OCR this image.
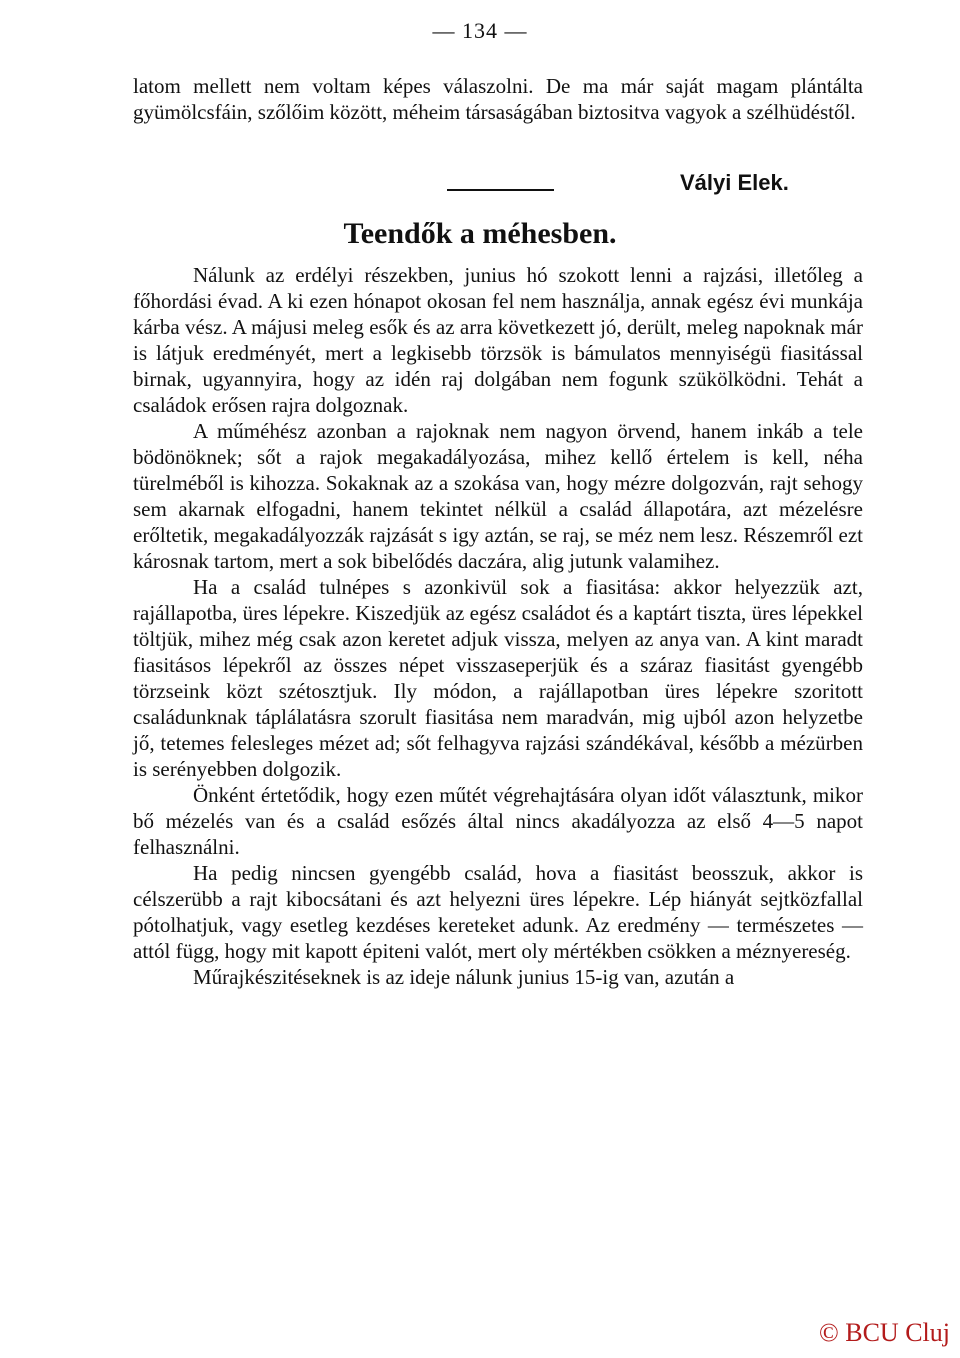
— 134 —

latom mellett nem voltam képes válaszolni. De ma már saját magam plántálta gyümölcsfáin, szőlőim között, méheim társaságában biztositva vagyok a szélhüdéstől.

Vályi Elek.
Teendők a méhesben.

Nálunk az erdélyi részekben, junius hó szokott lenni a rajzási, illetőleg a főhordási évad. A ki ezen hónapot okosan fel nem használja, annak egész évi munkája kárba vész. A májusi meleg esők és az arra következett jó, derült, meleg napoknak már is látjuk eredményét, mert a legkisebb törzsök is bámulatos mennyiségü fiasitással birnak, ugyannyira, hogy az idén raj dolgában nem fogunk szükölködni. Tehát a családok erősen rajra dolgoznak.

A műméhész azonban a rajoknak nem nagyon örvend, hanem inkáb a tele bödönöknek; sőt a rajok megakadályozása, mihez kellő értelem is kell, néha türelméből is kihozza. Sokaknak az a szokása van, hogy mézre dolgozván, rajt sehogy sem akarnak elfogadni, hanem tekintet nélkül a család állapotára, azt mézelésre erőltetik, megakadályozzák rajzását s igy aztán, se raj, se méz nem lesz. Részemről ezt károsnak tartom, mert a sok bibelődés daczára, alig jutunk valamihez.

Ha a család tulnépes s azonkivül sok a fiasitása: akkor helyezzük azt, rajállapotba, üres lépekre. Kiszedjük az egész családot és a kaptárt tiszta, üres lépekkel töltjük, mihez még csak azon keretet adjuk vissza, melyen az anya van. A kint maradt fiasitásos lépekről az összes népet visszaseperjük és a száraz fiasitást gyengébb törzseink közt szétosztjuk. Ily módon, a rajállapotban üres lépekre szoritott családunknak táplálatásra szorult fiasitása nem maradván, mig ujból azon helyzetbe jő, tetemes felesleges mézet ad; sőt felhagyva rajzási szándékával, később a mézürben is serényebben dolgozik.

Önként értetődik, hogy ezen műtét végrehajtására olyan időt választunk, mikor bő mézelés van és a család esőzés által nincs akadályozza az első 4—5 napot felhasználni.

Ha pedig nincsen gyengébb család, hova a fiasitást beosszuk, akkor is célszerübb a rajt kibocsátani és azt helyezni üres lépekre. Lép hiányát sejtközfallal pótolhatjuk, vagy esetleg kezdéses kereteket adunk. Az eredmény — természetes — attól függ, hogy mit kapott épiteni valót, mert oly mértékben csökken a méznyereség.

Műrajkészitéseknek is az ideje nálunk junius 15-ig van, azután a

© BCU Cluj
